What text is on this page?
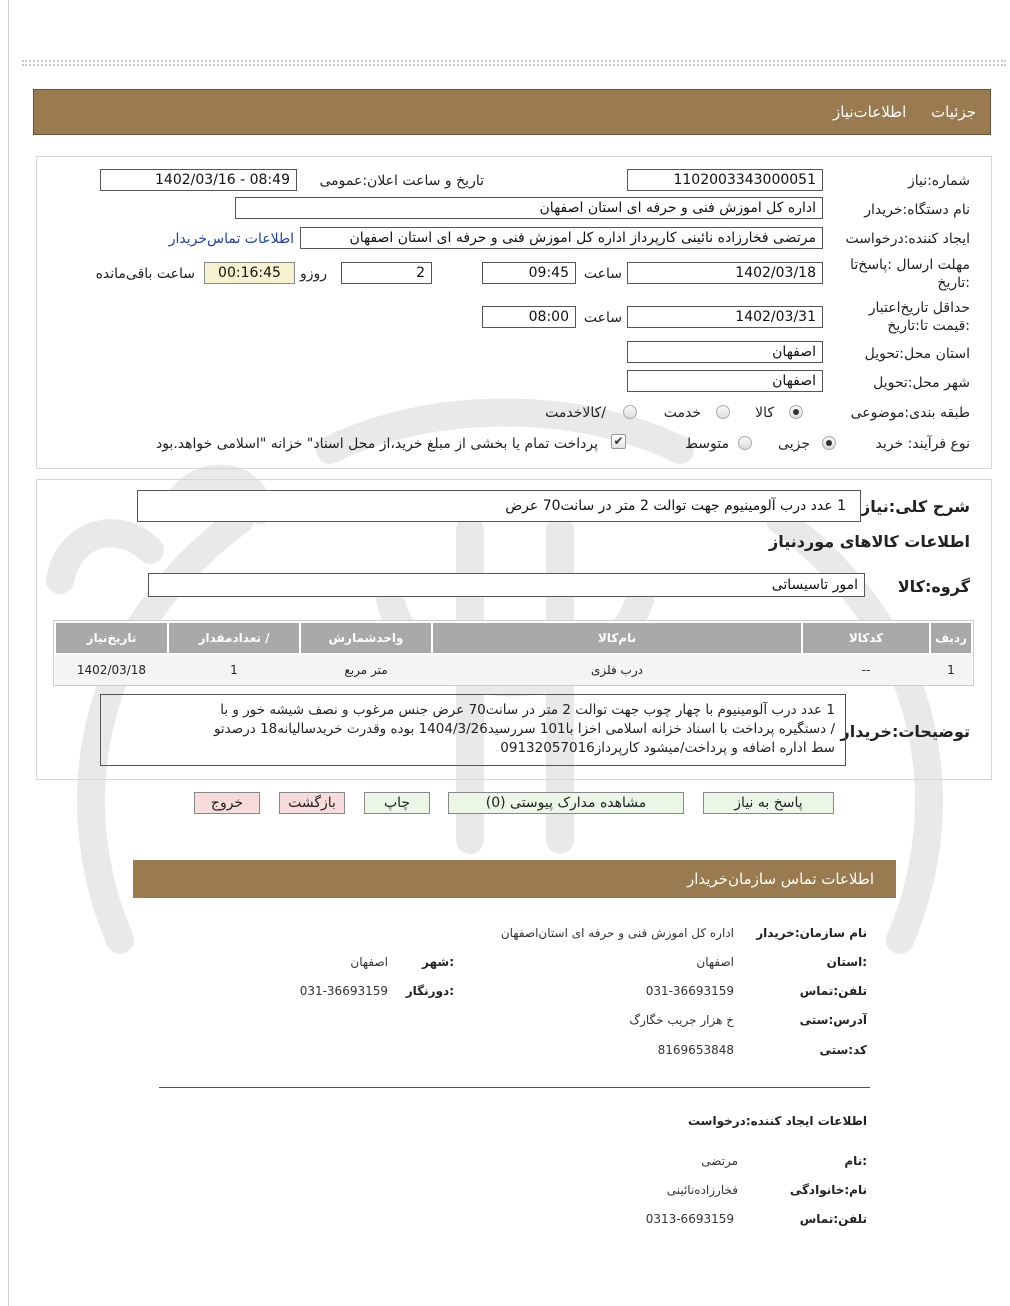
جزئیات اطلاعات‌نیاز
شماره:نیاز
1102003343000051
تاریخ و ساعت اعلان:عمومی
1402/03/16 - 08:49
نام دستگاه:خریدار
اداره کل اموزش فنی و حرفه ای استان اصفهان
ایجاد کننده:درخواست
مرتضی فخارزاده نائینی کارپرداز اداره کل اموزش فنی و حرفه ای استان اصفهان
اطلاعات تماس‌خریدار
مهلت ارسال :پاسخ‌تا
:تاریخ
1402/03/18
ساعت
09:45
2
روزو
00:16:45
ساعت باقی‌مانده
حداقل تاریخ‌اعتبار
:قیمت تا:تاریخ
1402/03/31
ساعت
08:00
استان محل:تحویل
اصفهان
شهر محل:تحویل
اصفهان
طبقه بندی:موضوعی
کالا
خدمت
/کالاخدمت
نوع فرآیند: خرید
جزیی
متوسط
✔
پرداخت تمام یا بخشی از مبلغ خرید،از محل اسناد" خزانه "اسلامی خواهد.بود
شرح کلی:نیاز
1 عدد درب آلومینیوم جهت توالت 2 متر در سانت70 عرض
اطلاعات کالاهای موردنیاز
گروه:کالا
امور تاسیساتی
ردیف	کدکالا	نام‌کالا	واحدشمارش	/ تعدادمقدار	تاریخ‌نیاز
1	--	درب فلزی	متر مربع	1	1402/03/18
توضیحات:خریدار
1 عدد درب آلومینیوم با چهار چوب جهت توالت 2 متر در سانت70 عرض جنس مرغوب و نصف شیشه خور و با
/ دستگیره پرداخت با اسناد خزانه اسلامی اخزا با101 سررسید1404/3/26 بوده وقدرت خریدسالیانه18 درصدتو
سط اداره اضافه و پرداخت/میشود کارپرداز09132057016
پاسخ به نیاز
مشاهده مدارک پیوستی (0)
چاپ
بازگشت
خروج
اطلاعات تماس سازمان‌خریدار
نام سازمان:خریدار
اداره کل اموزش فنی و حرفه ای استان‌اصفهان
:استان
اصفهان
:شهر
اصفهان
تلفن:تماس
031-36693159
:دورنگار
031-36693159
آدرس:ستی
خ هزار جریب خگارگ
کد:ستی
8169653848
اطلاعات ایجاد کننده:درخواست
:نام
مرتضی
نام:خانوادگی
فخارزاده‌نائینی
تلفن:تماس
0313-6693159
